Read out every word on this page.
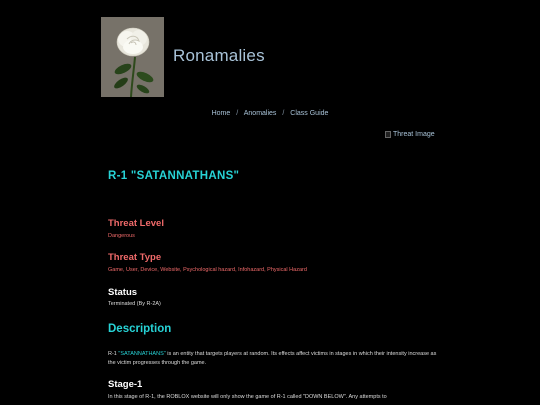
Ronamalies
Home / Anomalies / Class Guide
Threat Image
R-1 "SATANNATHANS"
Threat Level
Dangerous
Threat Type
Game, User, Device, Website, Psychological hazard, Infohazard, Physical Hazard
Status
Terminated (By R-2A)
Description
R-1 "SATANNATHANS" is an entity that targets players at random. Its effects affect victims in stages in which their intensity increase as the victim progresses through the game.
Stage-1
In this stage of R-1, the ROBLOX website will only show the game of R-1 called "DOWN BELOW". Any attempts to
